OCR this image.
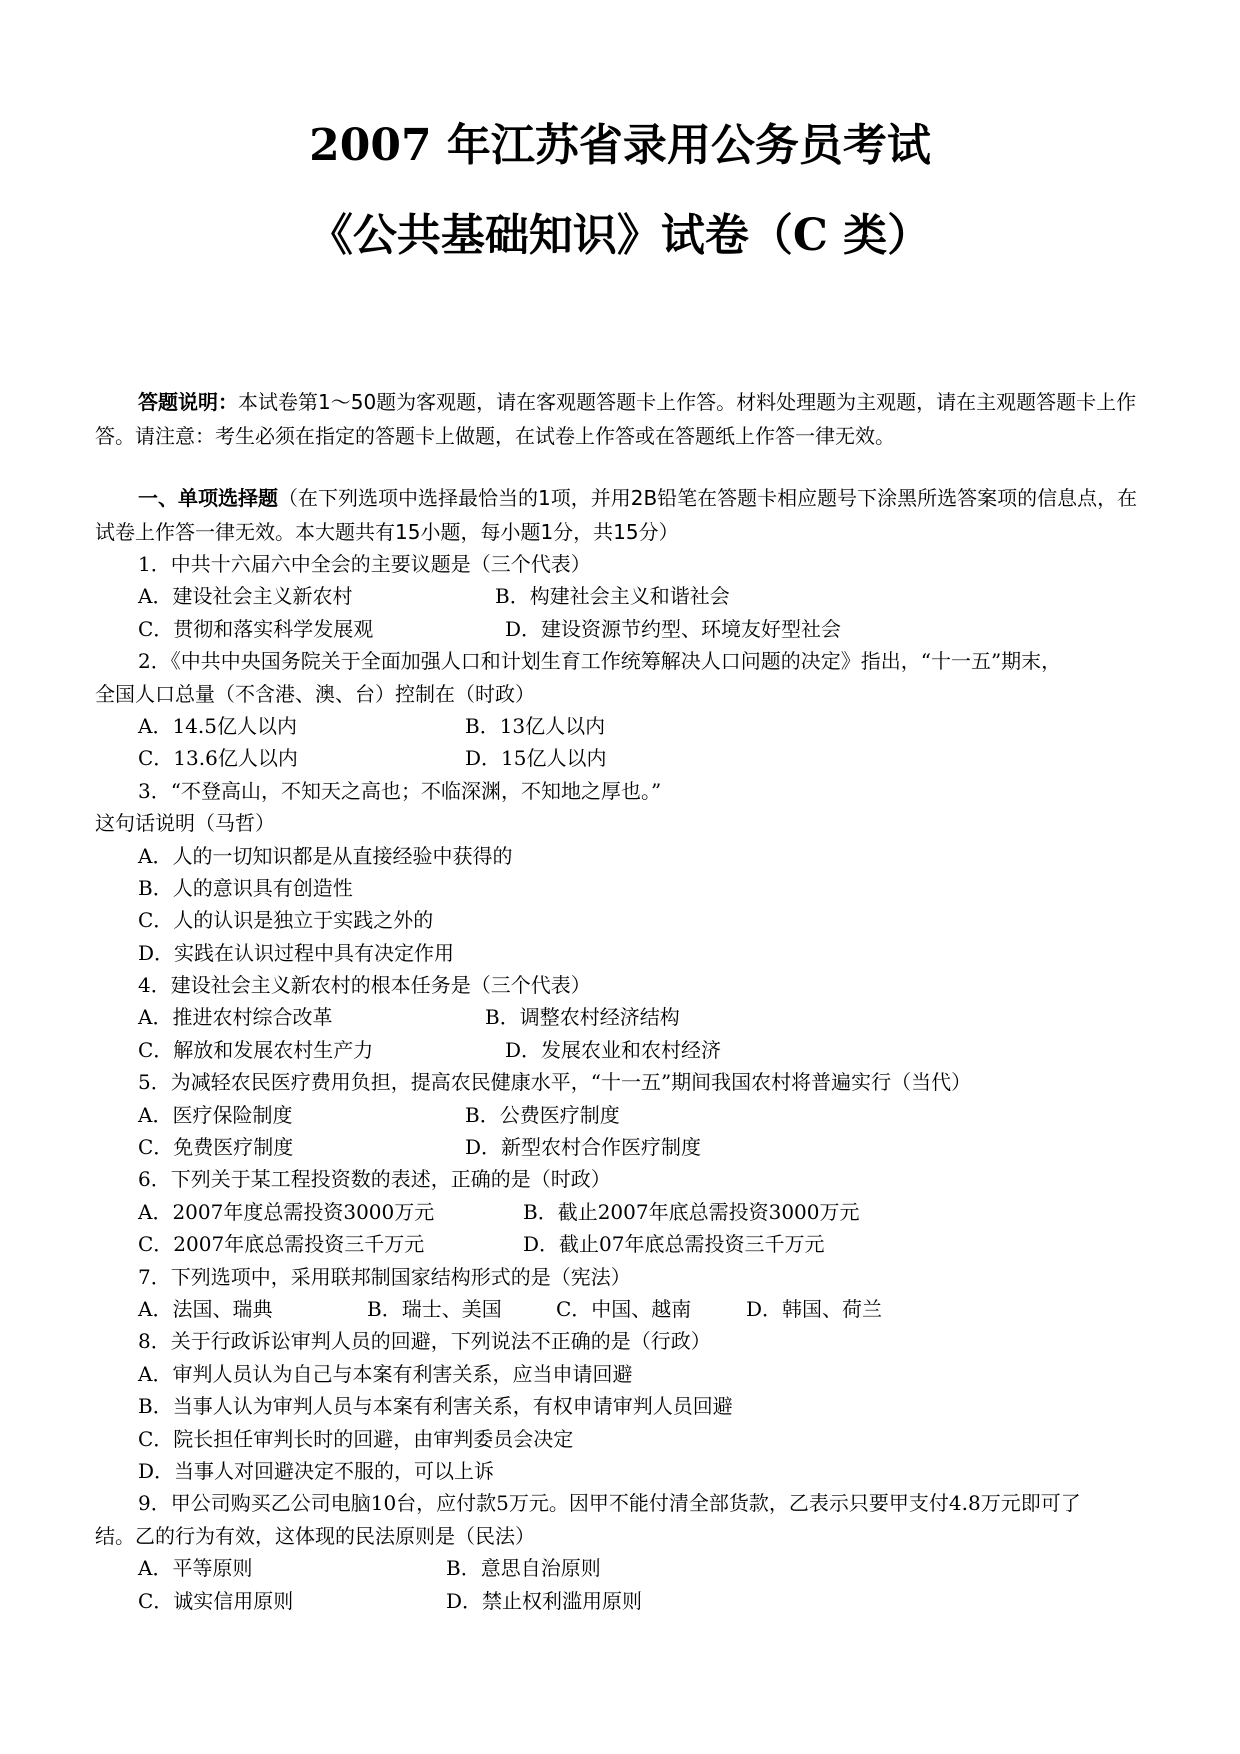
2007 年江苏省录用公务员考试
《公共基础知识》试卷（C 类）

答题说明：本试卷第1～50题为客观题，请在客观题答题卡上作答。材料处理题为主观题，请在主观题答题卡上作答。请注意：考生必须在指定的答题卡上做题，在试卷上作答或在答题纸上作答一律无效。

一、单项选择题（在下列选项中选择最恰当的1项，并用2B铅笔在答题卡相应题号下涂黑所选答案项的信息点，在试卷上作答一律无效。本大题共有15小题，每小题1分，共15分）

1．中共十六届六中全会的主要议题是（三个代表）
A．建设社会主义新农村	B．构建社会主义和谐社会
C．贯彻和落实科学发展观	D．建设资源节约型、环境友好型社会
2．《中共中央国务院关于全面加强人口和计划生育工作统筹解决人口问题的决定》指出，“十一五”期末，
全国人口总量（不含港、澳、台）控制在（时政）
A．14.5亿人以内	B．13亿人以内
C．13.6亿人以内	D．15亿人以内
3．“不登高山，不知天之高也；不临深渊，不知地之厚也。”
这句话说明（马哲）
A．人的一切知识都是从直接经验中获得的
B．人的意识具有创造性
C．人的认识是独立于实践之外的
D．实践在认识过程中具有决定作用
4．建设社会主义新农村的根本任务是（三个代表）
A．推进农村综合改革	B．调整农村经济结构
C．解放和发展农村生产力	D．发展农业和农村经济
5．为减轻农民医疗费用负担，提高农民健康水平，“十一五”期间我国农村将普遍实行（当代）
A．医疗保险制度	B．公费医疗制度
C．免费医疗制度	D．新型农村合作医疗制度
6．下列关于某工程投资数的表述，正确的是（时政）
A．2007年度总需投资3000万元	B．截止2007年底总需投资3000万元
C．2007年底总需投资三千万元	D．截止07年底总需投资三千万元
7．下列选项中，采用联邦制国家结构形式的是（宪法）
A．法国、瑞典	B．瑞士、美国	C．中国、越南	D．韩国、荷兰
8．关于行政诉讼审判人员的回避，下列说法不正确的是（行政）
A．审判人员认为自己与本案有利害关系，应当申请回避
B．当事人认为审判人员与本案有利害关系，有权申请审判人员回避
C．院长担任审判长时的回避，由审判委员会决定
D．当事人对回避决定不服的，可以上诉
9．甲公司购买乙公司电脑10台，应付款5万元。因甲不能付清全部货款，乙表示只要甲支付4.8万元即可了
结。乙的行为有效，这体现的民法原则是（民法）
A．平等原则	B．意思自治原则
C．诚实信用原则	D．禁止权利滥用原则
